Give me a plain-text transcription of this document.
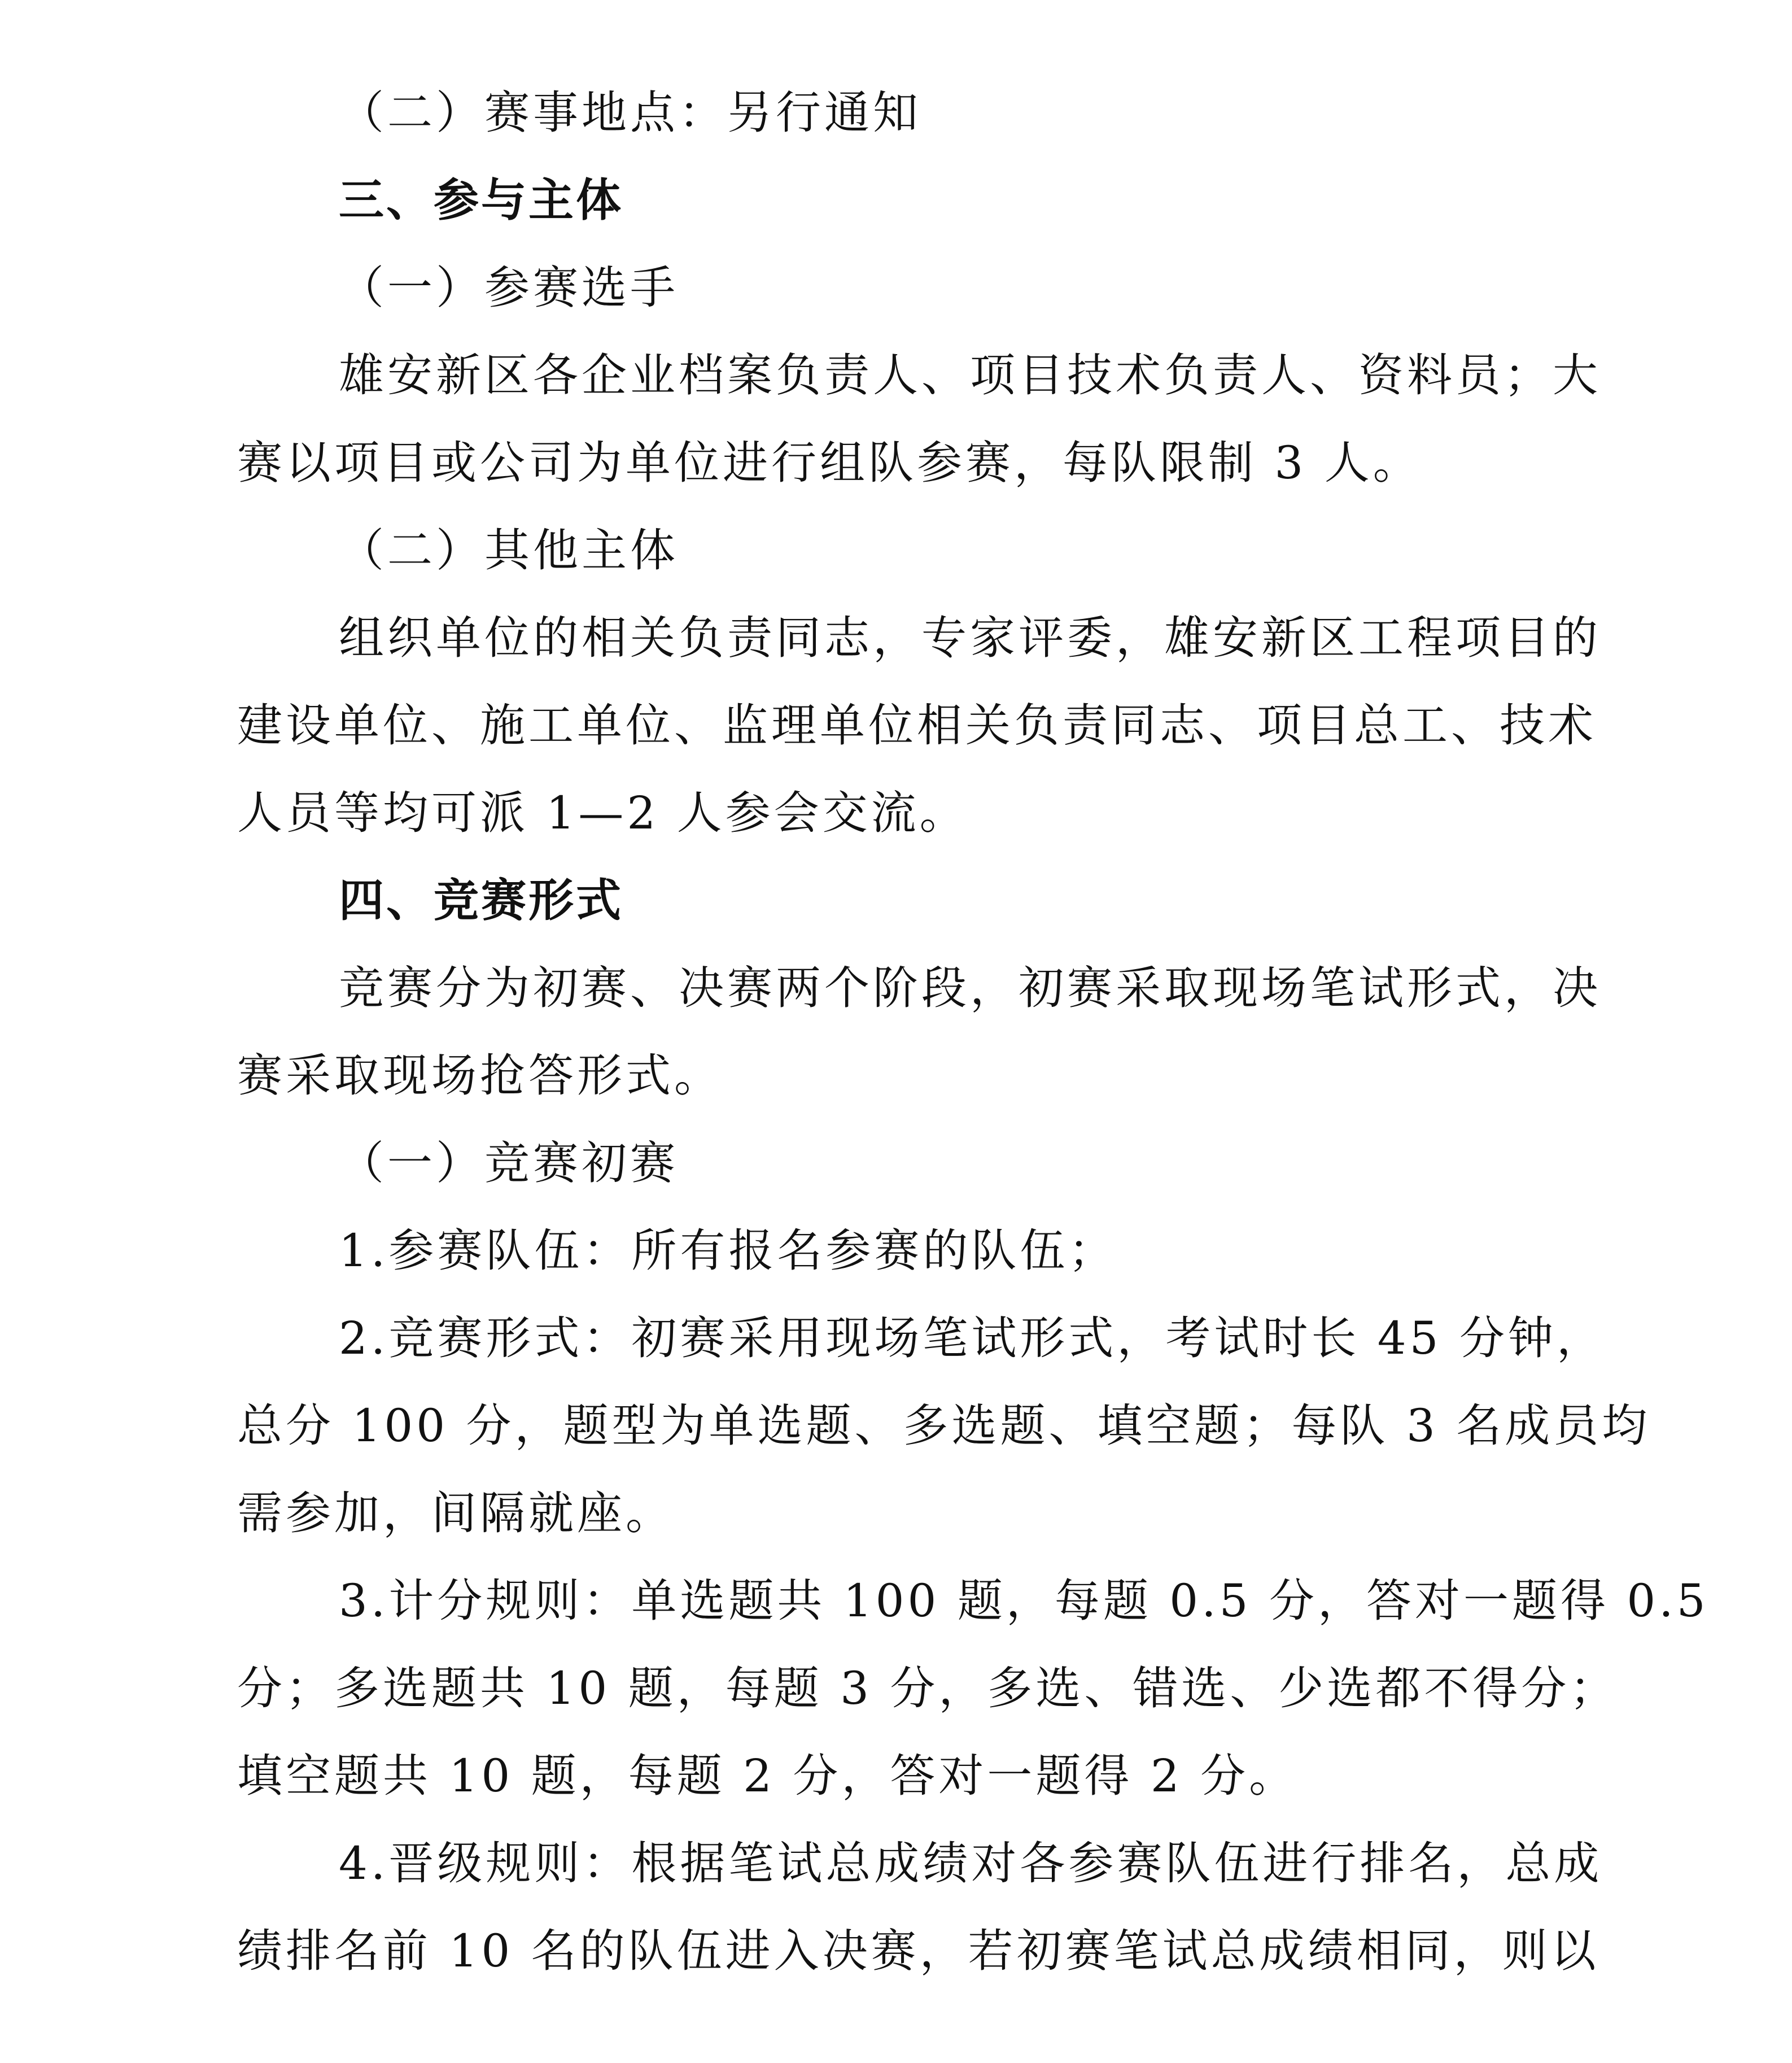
（二）赛事地点：另行通知
三、参与主体
（一）参赛选手
雄安新区各企业档案负责人、项目技术负责人、资料员；大
赛以项目或公司为单位进行组队参赛，每队限制 3 人。
（二）其他主体
组织单位的相关负责同志，专家评委，雄安新区工程项目的
建设单位、施工单位、监理单位相关负责同志、项目总工、技术
人员等均可派 1—2 人参会交流。
四、竞赛形式
竞赛分为初赛、决赛两个阶段，初赛采取现场笔试形式，决
赛采取现场抢答形式。
（一）竞赛初赛
1.参赛队伍：所有报名参赛的队伍；
2.竞赛形式：初赛采用现场笔试形式，考试时长 45 分钟，
总分 100 分，题型为单选题、多选题、填空题；每队 3 名成员均
需参加，间隔就座。
3.计分规则：单选题共 100 题，每题 0.5 分，答对一题得 0.5
分；多选题共 10 题，每题 3 分，多选、错选、少选都不得分；
填空题共 10 题，每题 2 分，答对一题得 2 分。
4.晋级规则：根据笔试总成绩对各参赛队伍进行排名，总成
绩排名前 10 名的队伍进入决赛，若初赛笔试总成绩相同，则以
